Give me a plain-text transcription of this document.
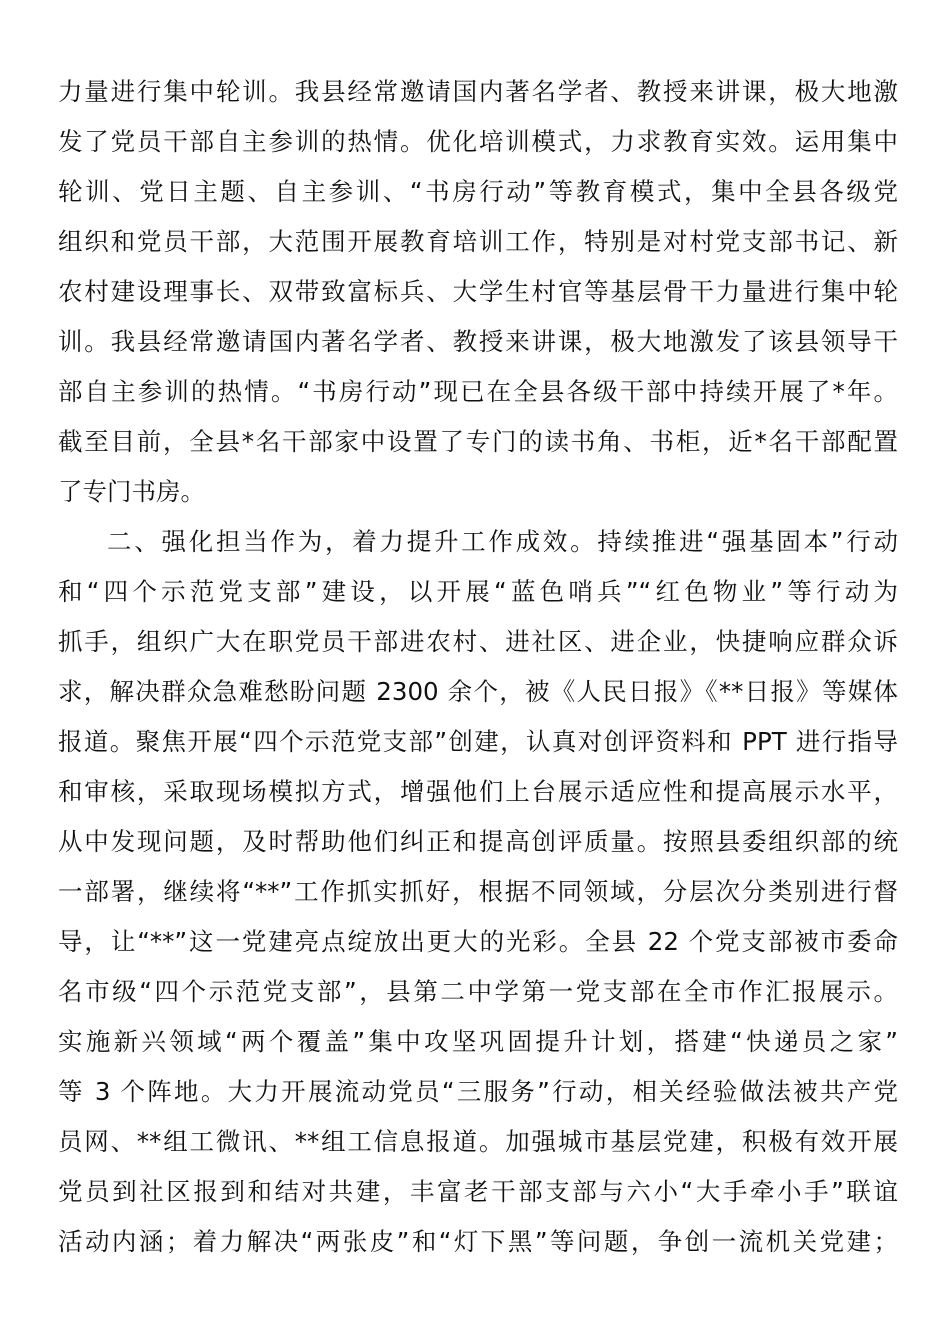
力量进行集中轮训。我县经常邀请国内著名学者、教授来讲课，极大地激
发了党员干部自主参训的热情。优化培训模式，力求教育实效。运用集中
轮训、党日主题、自主参训、“书房行动”等教育模式，集中全县各级党
组织和党员干部，大范围开展教育培训工作，特别是对村党支部书记、新
农村建设理事长、双带致富标兵、大学生村官等基层骨干力量进行集中轮
训。我县经常邀请国内著名学者、教授来讲课，极大地激发了该县领导干
部自主参训的热情。“书房行动”现已在全县各级干部中持续开展了*年。
截至目前，全县*名干部家中设置了专门的读书角、书柜，近*名干部配置
了专门书房。
二、强化担当作为，着力提升工作成效。持续推进“强基固本”行动
和“四个示范党支部”建设，以开展“蓝色哨兵”“红色物业”等行动为
抓手，组织广大在职党员干部进农村、进社区、进企业，快捷响应群众诉
求，解决群众急难愁盼问题 2300 余个，被《人民日报》《**日报》等媒体
报道。聚焦开展“四个示范党支部”创建，认真对创评资料和 PPT 进行指导
和审核，采取现场模拟方式，增强他们上台展示适应性和提高展示水平，
从中发现问题，及时帮助他们纠正和提高创评质量。按照县委组织部的统
一部署，继续将“**”工作抓实抓好，根据不同领域，分层次分类别进行督
导，让“**”这一党建亮点绽放出更大的光彩。全县 22 个党支部被市委命
名市级“四个示范党支部”，县第二中学第一党支部在全市作汇报展示。
实施新兴领域“两个覆盖”集中攻坚巩固提升计划，搭建“快递员之家”
等 3 个阵地。大力开展流动党员“三服务”行动，相关经验做法被共产党
员网、**组工微讯、**组工信息报道。加强城市基层党建，积极有效开展
党员到社区报到和结对共建，丰富老干部支部与六小“大手牵小手”联谊
活动内涵；着力解决“两张皮”和“灯下黑”等问题，争创一流机关党建；
